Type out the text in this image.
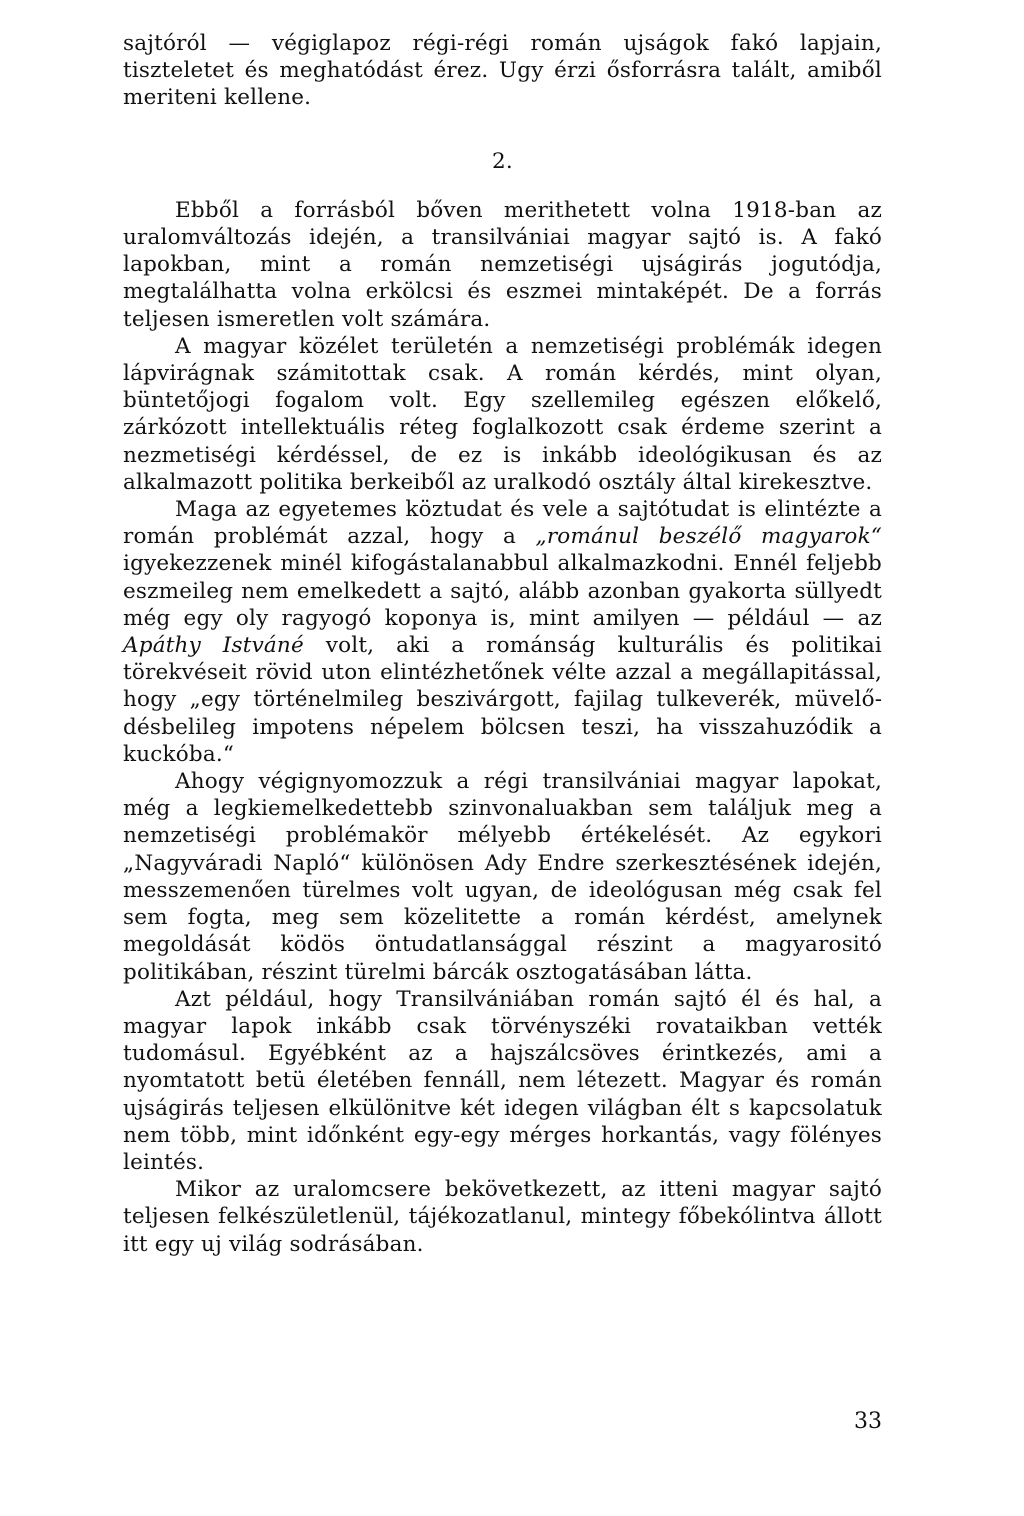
sajtóról — végiglapoz régi-régi román ujságok fakó lapjain, tiszteletet és meghatódást érez. Ugy érzi ősforrásra talált, amiből meriteni kellene.

2.

Ebből a forrásból bőven merithetett volna 1918-ban az uralomváltozás idején, a transilvániai magyar sajtó is. A fakó lapokban, mint a román nemzetiségi ujságirás jogutódja, megtalálhatta volna erkölcsi és eszmei mintaképét. De a forrás teljesen ismeretlen volt számára.

A magyar közélet területén a nemzetiségi problémák idegen lápvirágnak számitottak csak. A román kérdés, mint olyan, büntetőjogi fogalom volt. Egy szellemileg egészen előkelő, zárkózott intellektuális réteg foglalkozott csak érdeme szerint a nezmetiségi kérdéssel, de ez is inkább ideológikusan és az alkalmazott politika berkeiből az uralkodó osztály által kirekesztve.

Maga az egyetemes köztudat és vele a sajtótudat is elintézte a román problémát azzal, hogy a „románul beszélő magyarok“ igyekezzenek minél kifogástalanabbul alkalmazkodni. Ennél feljebb eszmeileg nem emelkedett a sajtó, alább azonban gyakorta süllyedt még egy oly ragyogó koponya is, mint amilyen — például — az Apáthy Istváné volt, aki a románság kulturális és politikai törekvéseit rövid uton elintézhetőnek vélte azzal a megállapitással, hogy „egy történelmileg beszivárgott, fajilag tulkeverék, müvelődésbelileg impotens népelem bölcsen teszi, ha visszahuzódik a kuckóba.“

Ahogy végignyomozzuk a régi transilvániai magyar lapokat, még a legkiemelkedettebb szinvonaluakban sem találjuk meg a nemzetiségi problémakör mélyebb értékelését. Az egykori „Nagyváradi Napló“ különösen Ady Endre szerkesztésének idején, messzemenően türelmes volt ugyan, de ideológusan még csak fel sem fogta, meg sem közelitette a román kérdést, amelynek megoldását ködös öntudatlansággal részint a magyarositó politikában, részint türelmi bárcák osztogatásában látta.

Azt például, hogy Transilvániában román sajtó él és hal, a magyar lapok inkább csak törvényszéki rovataikban vették tudomásul. Egyébként az a hajszálcsöves érintkezés, ami a nyomtatott betü életében fennáll, nem létezett. Magyar és román ujságirás teljesen elkülönitve két idegen világban élt s kapcsolatuk nem több, mint időnként egy-egy mérges horkantás, vagy fölényes leintés.

Mikor az uralomcsere bekövetkezett, az itteni magyar sajtó teljesen felkészületlenül, tájékozatlanul, mintegy főbekólintva állott itt egy uj világ sodrásában.

33
